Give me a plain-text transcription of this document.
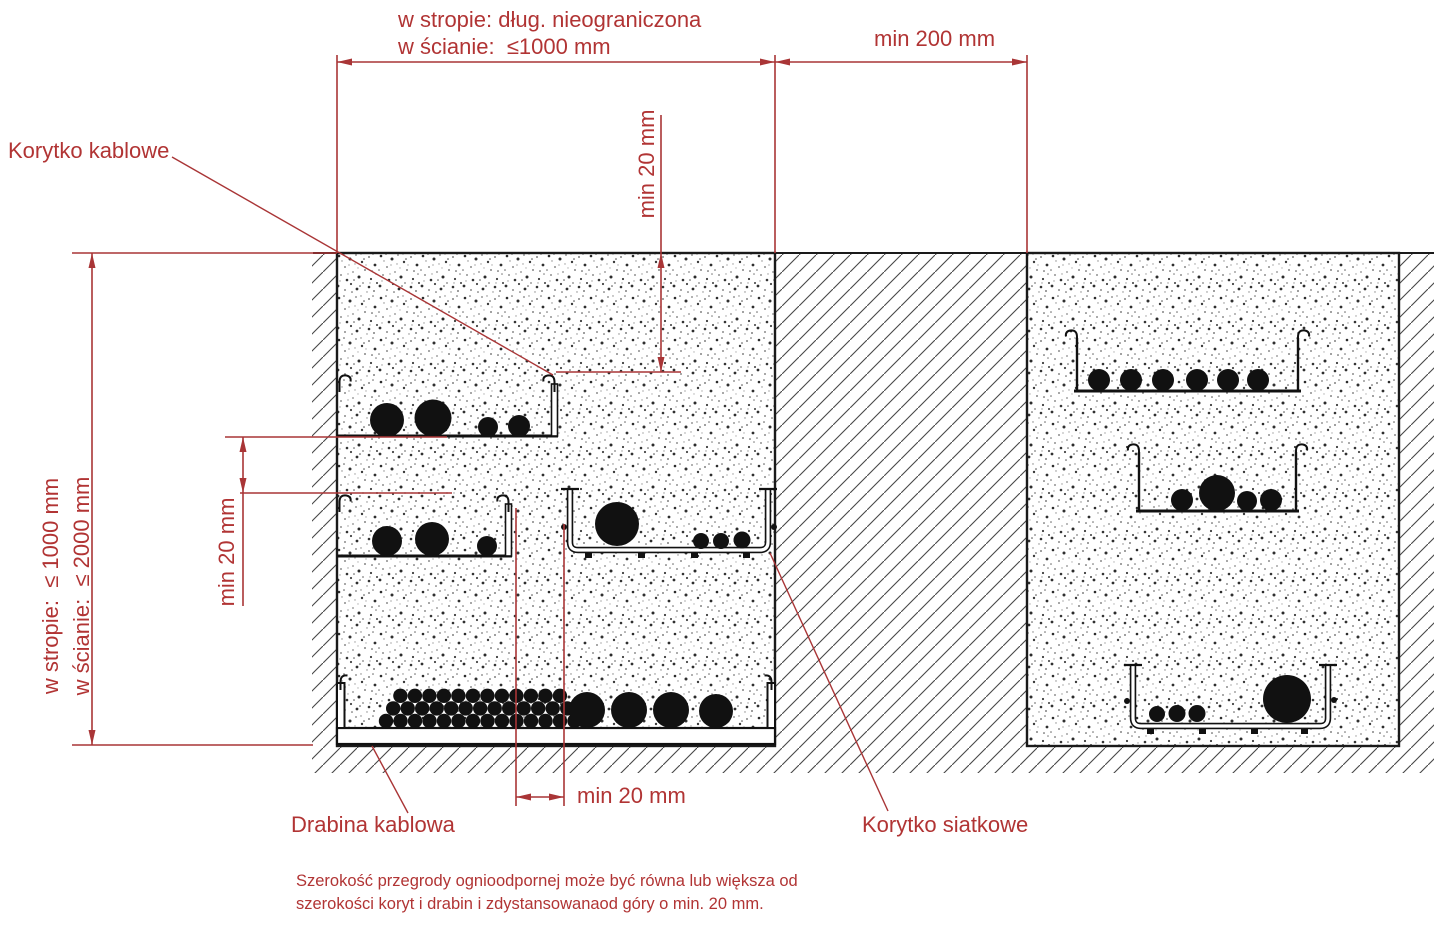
w stropie: dług. nieograniczona
w ścianie:  ≤1000 mm	min 200 mm
Korytko kablowe
w stropie:  ≤ 1000 mm w ścianie:  ≤ 2000 mm
min 20 mm
min 20 mm
min 20 mm
Drabina kablowa	Korytko siatkowe
Szerokość przegrody ognioodpornej może być równa lub większa od
szerokości koryt i drabin i zdystansowanaod góry o min. 20 mm.
